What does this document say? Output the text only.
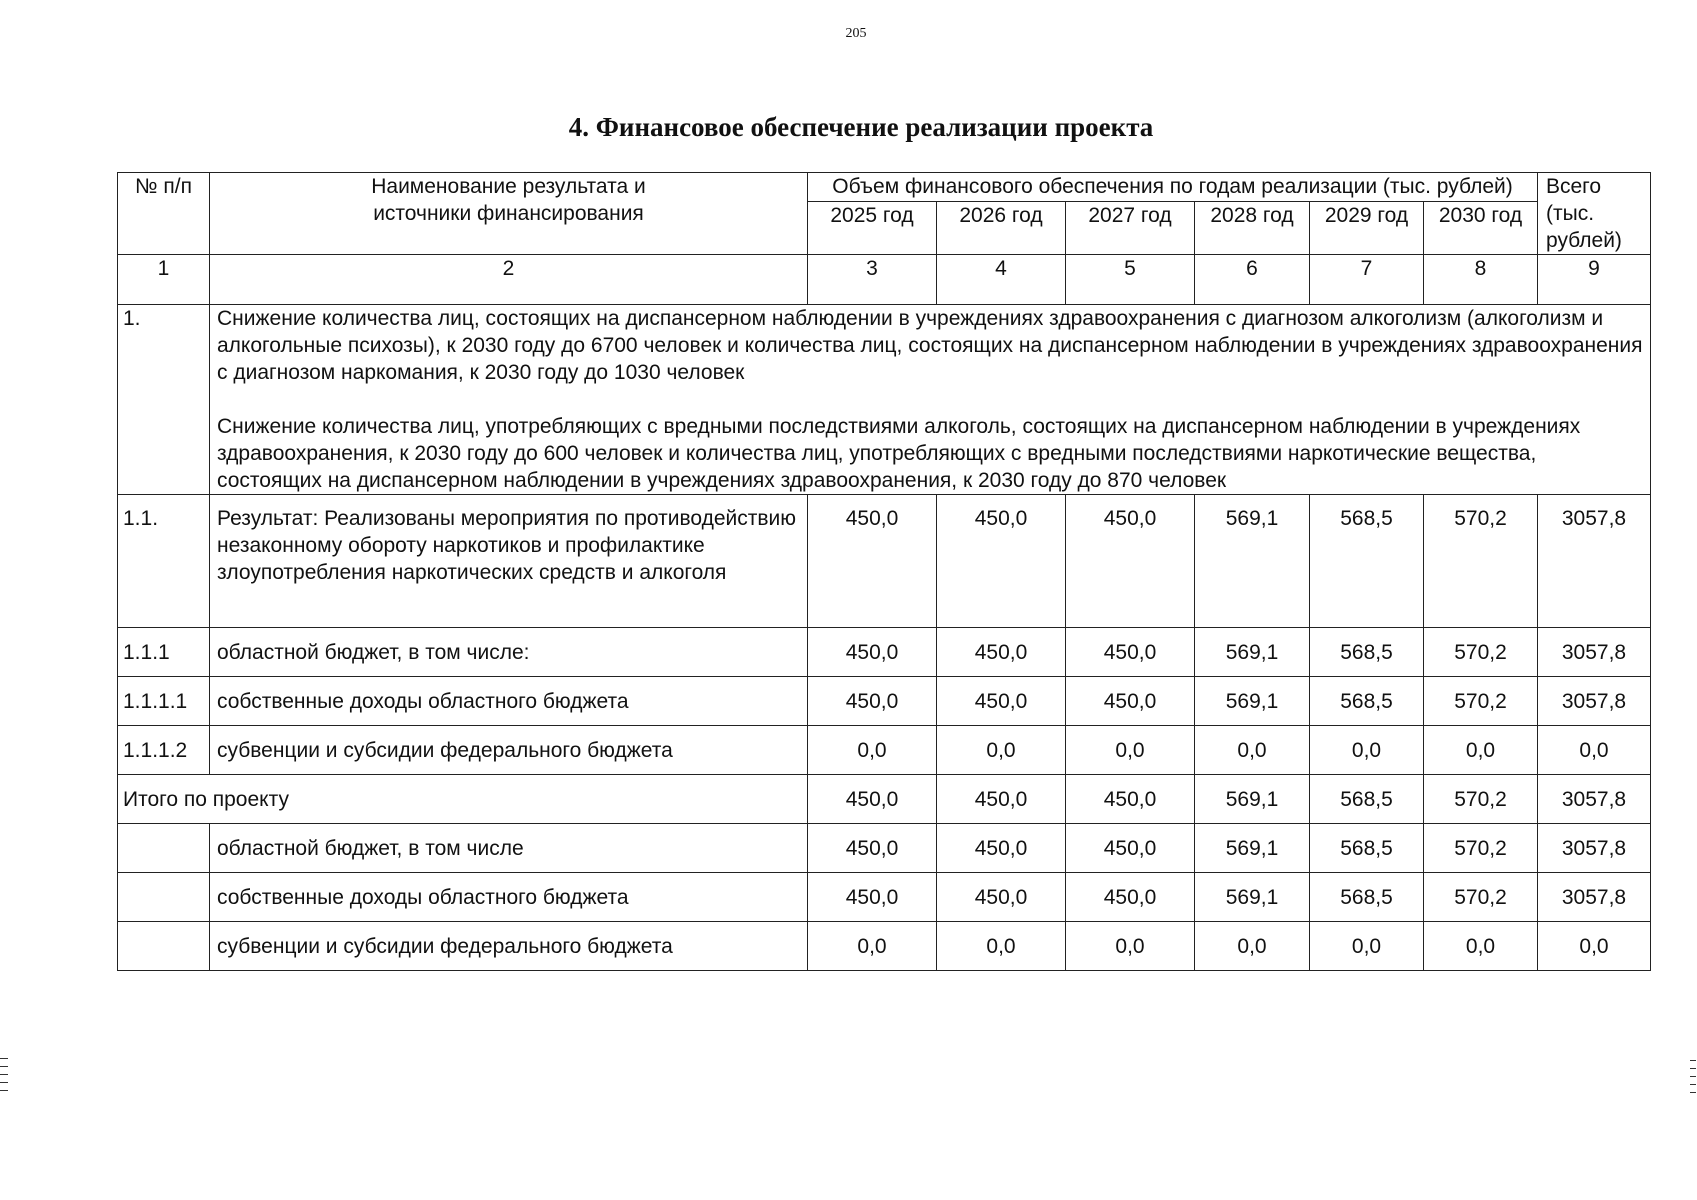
205
4. Финансовое обеспечение реализации проекта
№ п/п	Наименование результата и источники финансирования	Объем финансового обеспечения по годам реализации (тыс. рублей)						Всего (тыс. рублей)
		2025 год	2026 год	2027 год	2028 год	2029 год	2030 год	
1	2	3	4	5	6	7	8	9
1.	Снижение количества лиц, состоящих на диспансерном наблюдении в учреждениях здравоохранения с диагнозом алкоголизм (алкоголизм и алкогольные психозы), к 2030 году до 6700 человек и количества лиц, состоящих на диспансерном наблюдении в учреждениях здравоохранения с диагнозом наркомания, к 2030 году до 1030 человек

Снижение количества лиц, употребляющих с вредными последствиями алкоголь, состоящих на диспансерном наблюдении в учреждениях здравоохранения, к 2030 году до 600 человек и количества лиц, употребляющих с вредными последствиями наркотические вещества, состоящих на диспансерном наблюдении в учреждениях здравоохранения, к 2030 году до 870 человек							

1.1.	Результат: Реализованы мероприятия по противодействию незаконному обороту наркотиков и профилактике злоупотребления наркотических средств и алкоголя	450,0	450,0	450,0	569,1	568,5	570,2	3057,8
1.1.1	областной бюджет, в том числе:	450,0	450,0	450,0	569,1	568,5	570,2	3057,8
1.1.1.1	собственные доходы областного бюджета	450,0	450,0	450,0	569,1	568,5	570,2	3057,8
1.1.1.2	субвенции и субсидии федерального бюджета	0,0	0,0	0,0	0,0	0,0	0,0	0,0
Итого по проекту		450,0	450,0	450,0	569,1	568,5	570,2	3057,8
	областной бюджет, в том числе	450,0	450,0	450,0	569,1	568,5	570,2	3057,8
	собственные доходы областного бюджета	450,0	450,0	450,0	569,1	568,5	570,2	3057,8
	субвенции и субсидии федерального бюджета	0,0	0,0	0,0	0,0	0,0	0,0	0,0
